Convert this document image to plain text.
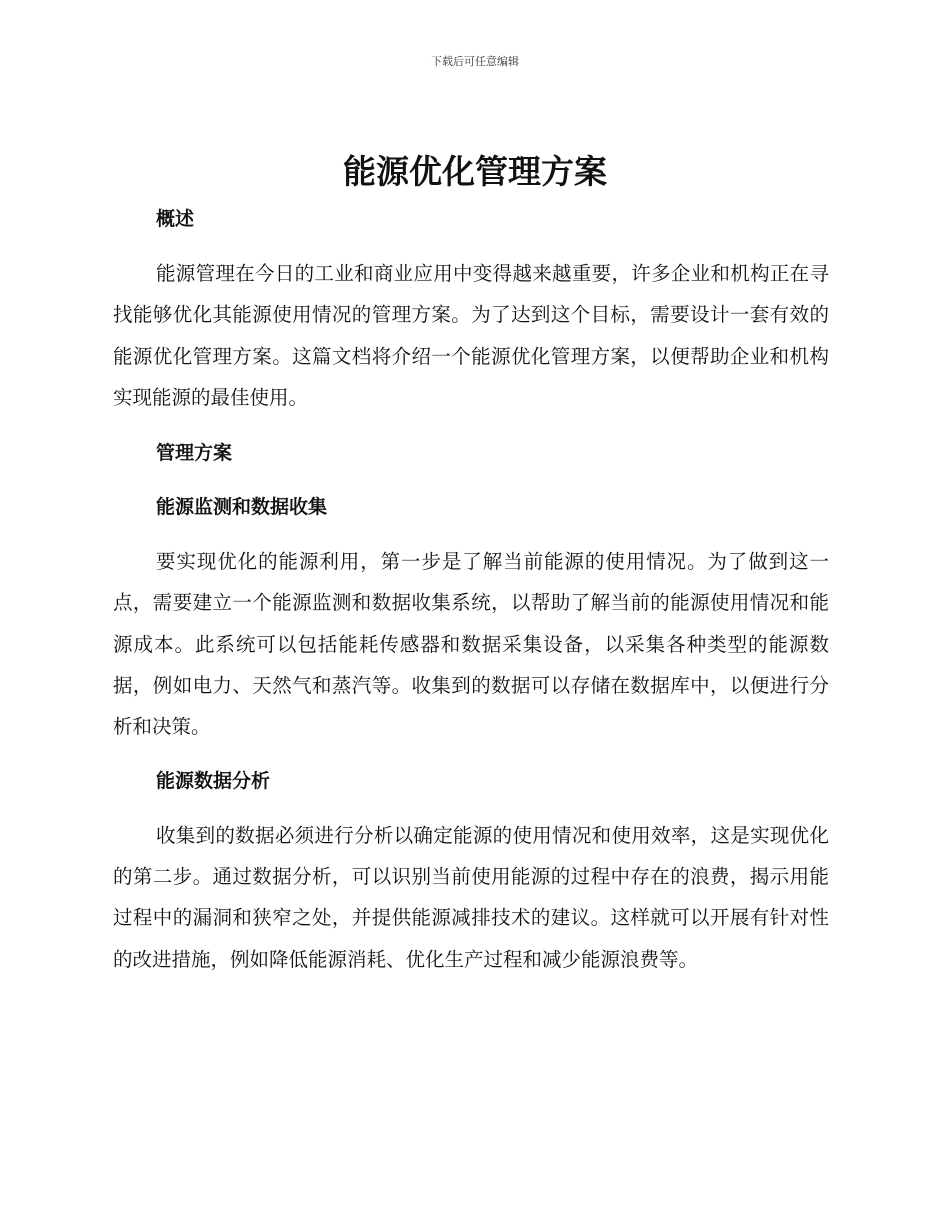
下载后可任意编辑
能源优化管理方案
概述

能源管理在今日的工业和商业应用中变得越来越重要，许多企业和机构正在寻找能够优化其能源使用情况的管理方案。为了达到这个目标，需要设计一套有效的能源优化管理方案。这篇文档将介绍一个能源优化管理方案，以便帮助企业和机构实现能源的最佳使用。

管理方案
能源监测和数据收集

要实现优化的能源利用，第一步是了解当前能源的使用情况。为了做到这一点，需要建立一个能源监测和数据收集系统，以帮助了解当前的能源使用情况和能源成本。此系统可以包括能耗传感器和数据采集设备，以采集各种类型的能源数据，例如电力、天然气和蒸汽等。收集到的数据可以存储在数据库中，以便进行分析和决策。

能源数据分析

收集到的数据必须进行分析以确定能源的使用情况和使用效率，这是实现优化的第二步。通过数据分析，可以识别当前使用能源的过程中存在的浪费，揭示用能过程中的漏洞和狭窄之处，并提供能源减排技术的建议。这样就可以开展有针对性的改进措施，例如降低能源消耗、优化生产过程和减少能源浪费等。
